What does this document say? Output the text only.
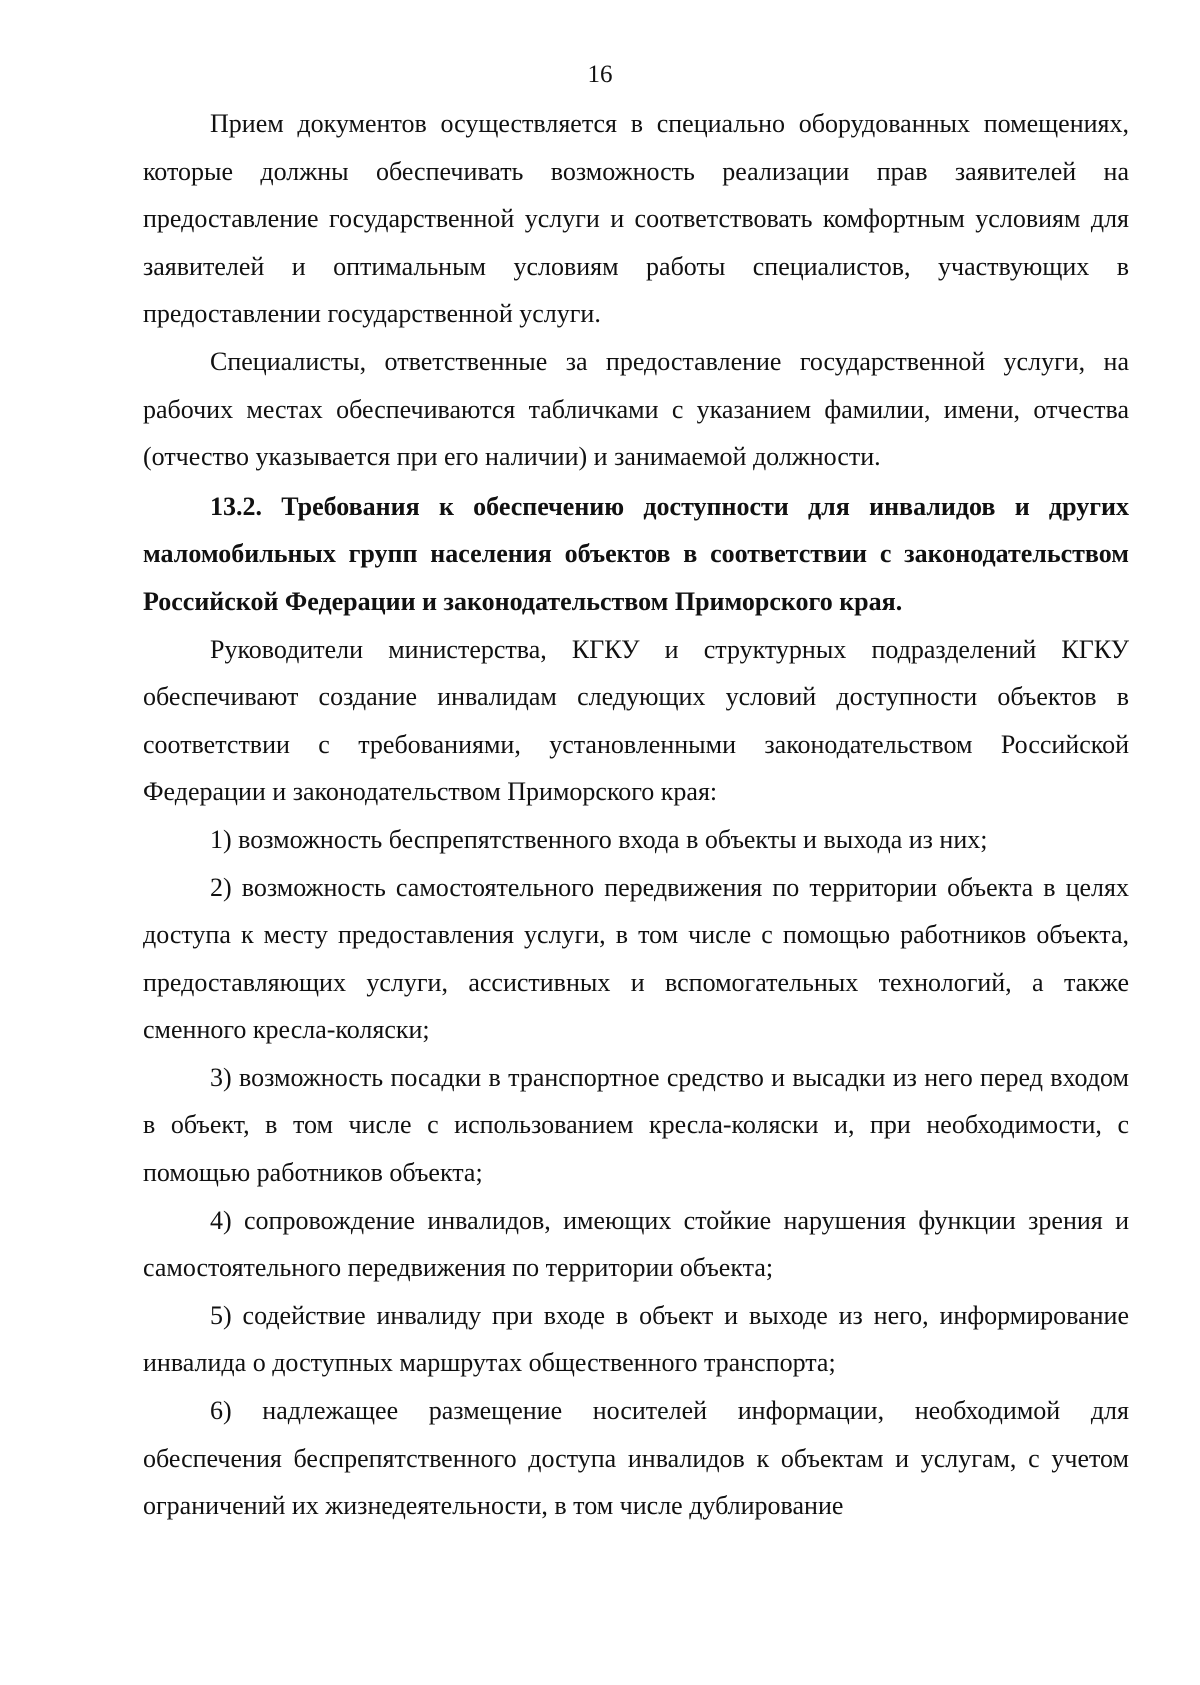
16

Прием документов осуществляется в специально оборудованных помещениях, которые должны обеспечивать возможность реализации прав заявителей на предоставление государственной услуги и соответствовать комфортным условиям для заявителей и оптимальным условиям работы специалистов, участвующих в предоставлении государственной услуги.

Специалисты, ответственные за предоставление государственной услуги, на рабочих местах обеспечиваются табличками с указанием фамилии, имени, отчества (отчество указывается при его наличии) и занимаемой должности.

13.2. Требования к обеспечению доступности для инвалидов и других маломобильных групп населения объектов в соответствии с законодательством Российской Федерации и законодательством Приморского края.

Руководители министерства, КГКУ и структурных подразделений КГКУ обеспечивают создание инвалидам следующих условий доступности объектов в соответствии с требованиями, установленными законодательством Российской Федерации и законодательством Приморского края:

1) возможность беспрепятственного входа в объекты и выхода из них;

2) возможность самостоятельного передвижения по территории объекта в целях доступа к месту предоставления услуги, в том числе с помощью работников объекта, предоставляющих услуги, ассистивных и вспомогательных технологий, а также сменного кресла-коляски;

3) возможность посадки в транспортное средство и высадки из него перед входом в объект, в том числе с использованием кресла-коляски и, при необходимости, с помощью работников объекта;

4) сопровождение инвалидов, имеющих стойкие нарушения функции зрения и самостоятельного передвижения по территории объекта;

5) содействие инвалиду при входе в объект и выходе из него, информирование инвалида о доступных маршрутах общественного транспорта;

6) надлежащее размещение носителей информации, необходимой для обеспечения беспрепятственного доступа инвалидов к объектам и услугам, с учетом ограничений их жизнедеятельности, в том числе дублирование
